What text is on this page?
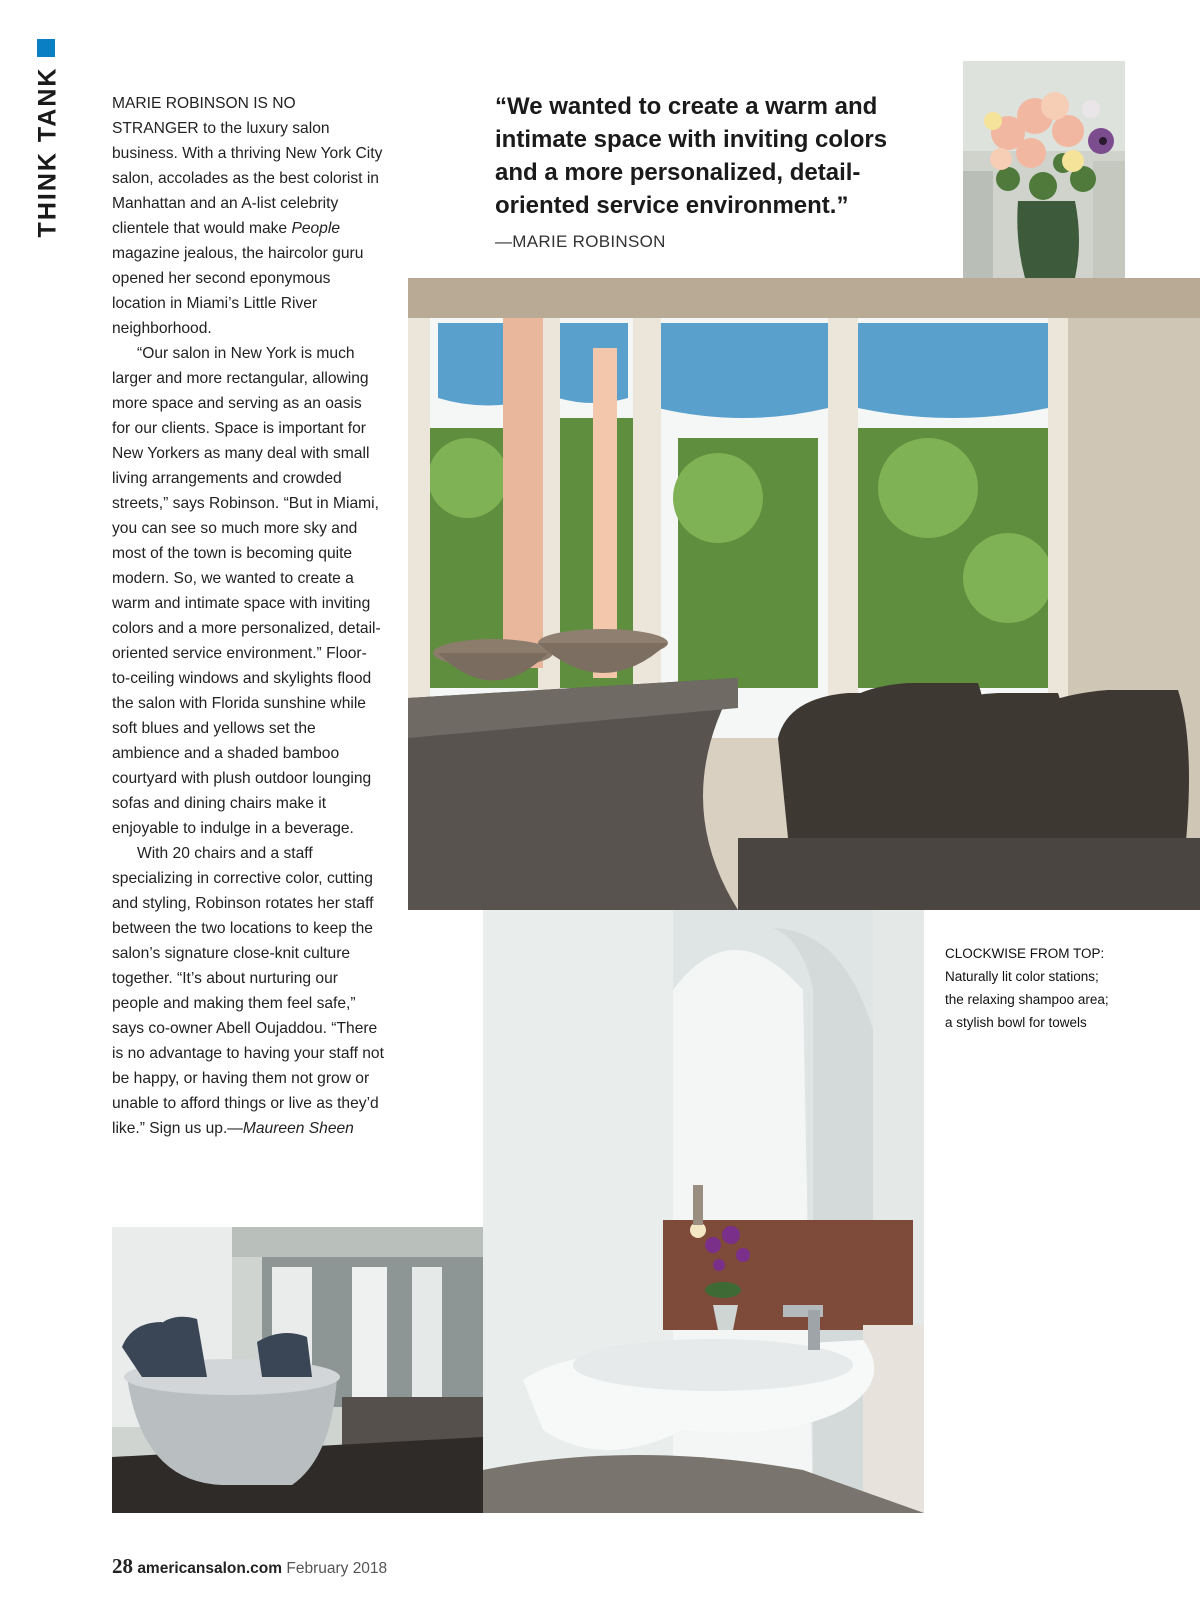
THINK TANK	MARIE ROBINSON IS NO STRANGER to the luxury salon business. With a thriving New York City salon, accolades as the best colorist in Manhattan and an A-list celebrity clientele that would make People magazine jealous, the haircolor guru opened her second eponymous location in Miami’s Little River neighborhood.

“Our salon in New York is much larger and more rectangular, allowing more space and serving as an oasis for our clients. Space is important for New Yorkers as many deal with small living arrangements and crowded streets,” says Robinson. “But in Miami, you can see so much more sky and most of the town is becoming quite modern. So, we wanted to create a warm and intimate space with inviting colors and a more personalized, detail-oriented service environment.” Floor-to-ceiling windows and skylights flood the salon with Florida sunshine while soft blues and yellows set the ambience and a shaded bamboo courtyard with plush outdoor lounging sofas and dining chairs make it enjoyable to indulge in a beverage.

With 20 chairs and a staff specializing in corrective color, cutting and styling, Robinson rotates her staff between the two locations to keep the salon’s signature close-knit culture together. “It’s about nurturing our people and making them feel safe,” says co-owner Abell Oujaddou. “There is no advantage to having your staff not be happy, or having them not grow or unable to afford things or live as they’d like.” Sign us up.—Maureen Sheen

“We wanted to create a warm and intimate space with inviting colors and a more personalized, detail-oriented service environment.”
—MARIE ROBINSON
CLOCKWISE FROM TOP: Naturally lit color stations; the relaxing shampoo area; a stylish bowl for towels
28 americansalon.com February 2018
